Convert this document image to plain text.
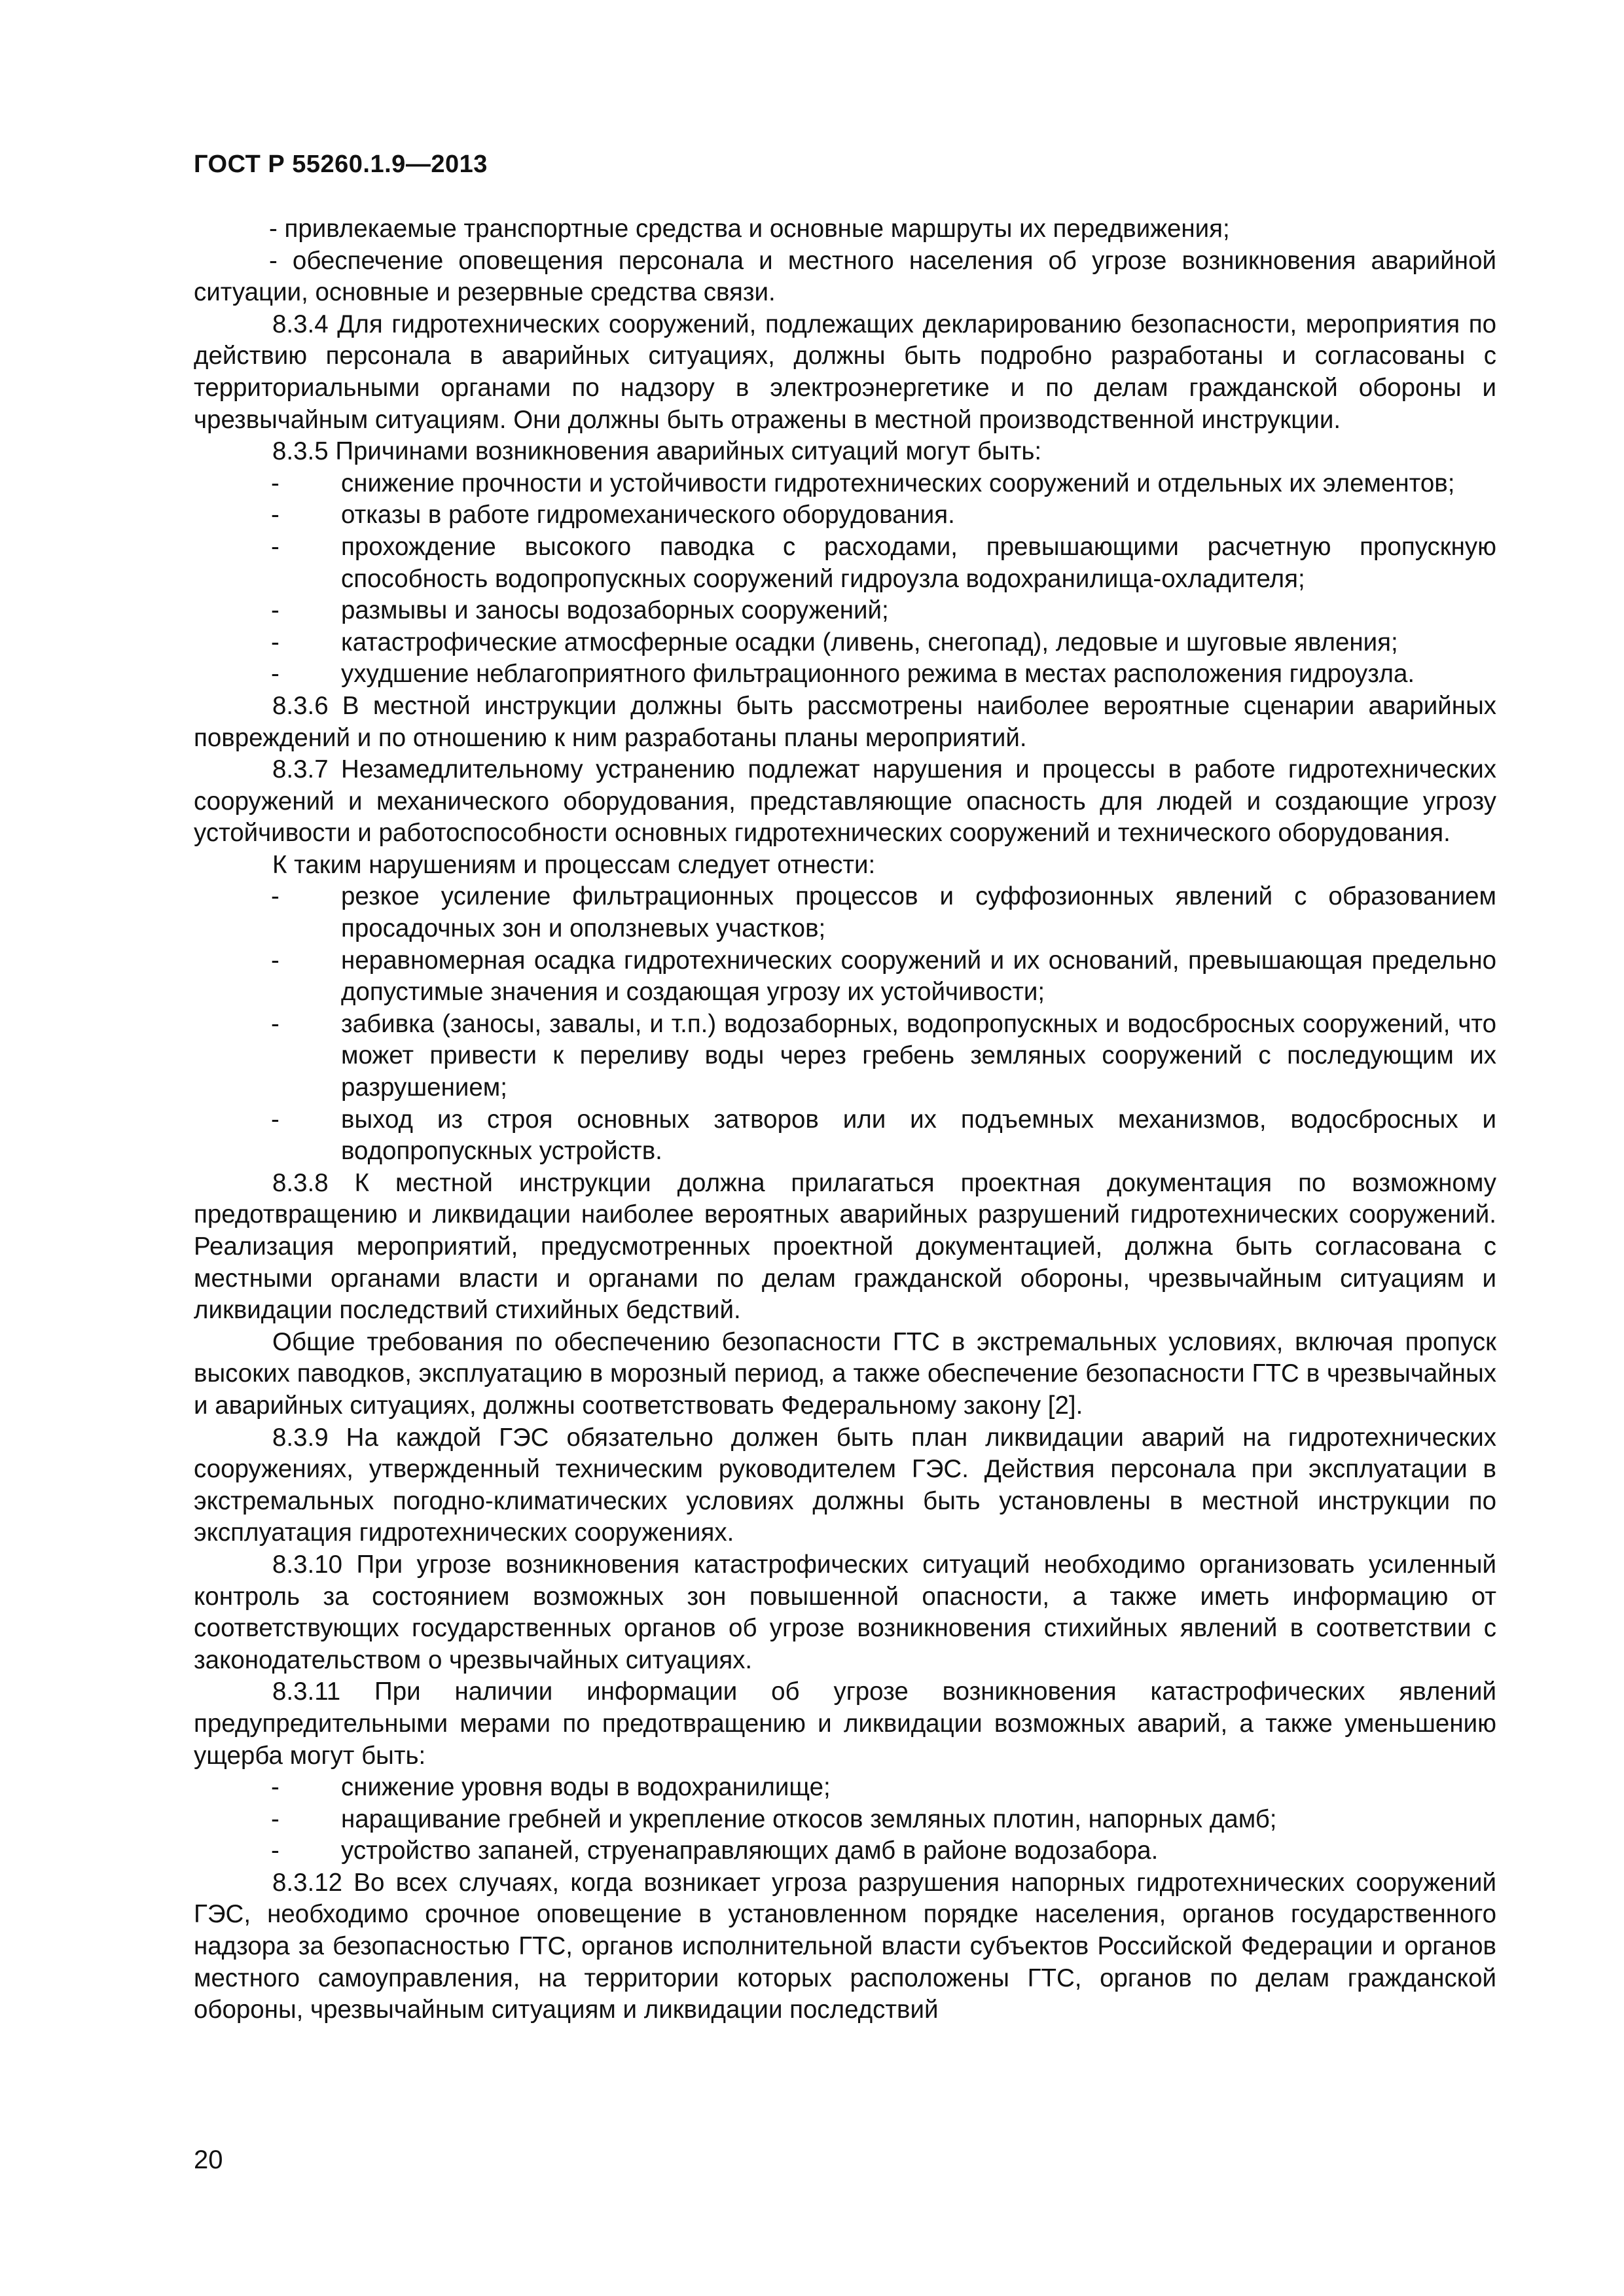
ГОСТ Р 55260.1.9—2013

- привлекаемые транспортные средства и основные маршруты их передвижения;

- обеспечение оповещения персонала и местного населения об угрозе возникновения аварийной ситуации, основные и резервные средства связи.

8.3.4 Для гидротехнических сооружений, подлежащих декларированию безопасности, мероприятия по действию персонала в аварийных ситуациях, должны быть подробно разработаны и согласованы с территориальными органами по надзору в электроэнергетике и по делам гражданской обороны и чрезвычайным ситуациям. Они должны быть отражены в местной производственной инструкции.

8.3.5 Причинами возникновения аварийных ситуаций могут быть:

- снижение прочности и устойчивости гидротехнических сооружений и отдельных их элементов;

- отказы в работе гидромеханического оборудования.

- прохождение высокого паводка с расходами, превышающими расчетную пропускную способность водопропускных сооружений гидроузла водохранилища-охладителя;

- размывы и заносы водозаборных сооружений;

- катастрофические атмосферные осадки (ливень, снегопад), ледовые и шуговые явления;

- ухудшение неблагоприятного фильтрационного режима в местах расположения гидроузла.

8.3.6 В местной инструкции должны быть рассмотрены наиболее вероятные сценарии аварийных повреждений и по отношению к ним разработаны планы мероприятий.

8.3.7 Незамедлительному устранению подлежат нарушения и процессы в работе гидротехнических сооружений и механического оборудования, представляющие опасность для людей и создающие угрозу устойчивости и работоспособности основных гидротехнических сооружений и технического оборудования.

К таким нарушениям и процессам следует отнести:

- резкое усиление фильтрационных процессов и суффозионных явлений с образованием просадочных зон и оползневых участков;

- неравномерная осадка гидротехнических сооружений и их оснований, превышающая предельно допустимые значения и создающая угрозу их устойчивости;

- забивка (заносы, завалы, и т.п.) водозаборных, водопропускных и водосбросных сооружений, что может привести к переливу воды через гребень земляных сооружений с последующим их разрушением;

- выход из строя основных затворов или их подъемных механизмов, водосбросных и водопропускных устройств.

8.3.8 К местной инструкции должна прилагаться проектная документация по возможному предотвращению и ликвидации наиболее вероятных аварийных разрушений гидротехнических сооружений. Реализация мероприятий, предусмотренных проектной документацией, должна быть согласована с местными органами власти и органами по делам гражданской обороны, чрезвычайным ситуациям и ликвидации последствий стихийных бедствий.

Общие требования по обеспечению безопасности ГТС в экстремальных условиях, включая пропуск высоких паводков, эксплуатацию в морозный период, а также обеспечение безопасности ГТС в чрезвычайных и аварийных ситуациях, должны соответствовать Федеральному закону [2].

8.3.9 На каждой ГЭС обязательно должен быть план ликвидации аварий на гидротехнических сооружениях, утвержденный техническим руководителем ГЭС. Действия персонала при эксплуатации в экстремальных погодно-климатических условиях должны быть установлены в местной инструкции по эксплуатация гидротехнических сооружениях.

8.3.10 При угрозе возникновения катастрофических ситуаций необходимо организовать усиленный контроль за состоянием возможных зон повышенной опасности, а также иметь информацию от соответствующих государственных органов об угрозе возникновения стихийных явлений в соответствии с законодательством о чрезвычайных ситуациях.

8.3.11 При наличии информации об угрозе возникновения катастрофических явлений предупредительными мерами по предотвращению и ликвидации возможных аварий, а также уменьшению ущерба могут быть:

- снижение уровня воды в водохранилище;

- наращивание гребней и укрепление откосов земляных плотин, напорных дамб;

- устройство запаней, струенаправляющих дамб в районе водозабора.

8.3.12 Во всех случаях, когда возникает угроза разрушения напорных гидротехнических сооружений ГЭС, необходимо срочное оповещение в установленном порядке населения, органов государственного надзора за безопасностью ГТС, органов исполнительной власти субъектов Российской Федерации и органов местного самоуправления, на территории которых расположены ГТС, органов по делам гражданской обороны, чрезвычайным ситуациям и ликвидации последствий

20
